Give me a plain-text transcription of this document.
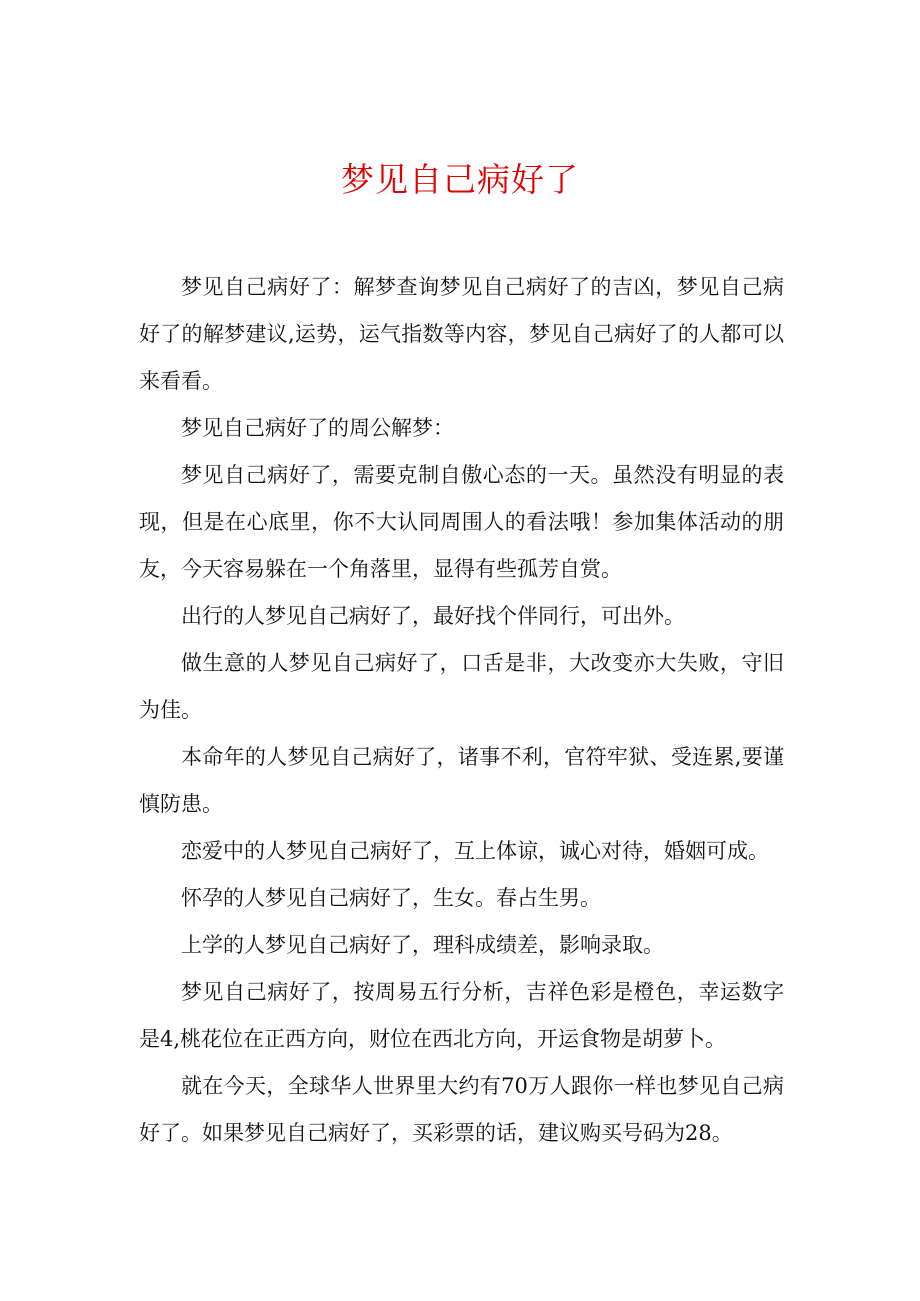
梦见自己病好了

梦见自己病好了：解梦查询梦见自己病好了的吉凶，梦见自己病好了的解梦建议,运势，运气指数等内容，梦见自己病好了的人都可以来看看。

梦见自己病好了的周公解梦：

梦见自己病好了，需要克制自傲心态的一天。虽然没有明显的表现，但是在心底里，你不大认同周围人的看法哦！参加集体活动的朋友，今天容易躲在一个角落里，显得有些孤芳自赏。

出行的人梦见自己病好了，最好找个伴同行，可出外。

做生意的人梦见自己病好了，口舌是非，大改变亦大失败，守旧为佳。

本命年的人梦见自己病好了，诸事不利，官符牢狱、受连累,要谨慎防患。

恋爱中的人梦见自己病好了，互上体谅，诚心对待，婚姻可成。

怀孕的人梦见自己病好了，生女。春占生男。

上学的人梦见自己病好了，理科成绩差，影响录取。

梦见自己病好了，按周易五行分析，吉祥色彩是橙色，幸运数字是4,桃花位在正西方向，财位在西北方向，开运食物是胡萝卜。

就在今天，全球华人世界里大约有70万人跟你一样也梦见自己病好了。如果梦见自己病好了，买彩票的话，建议购买号码为28。
